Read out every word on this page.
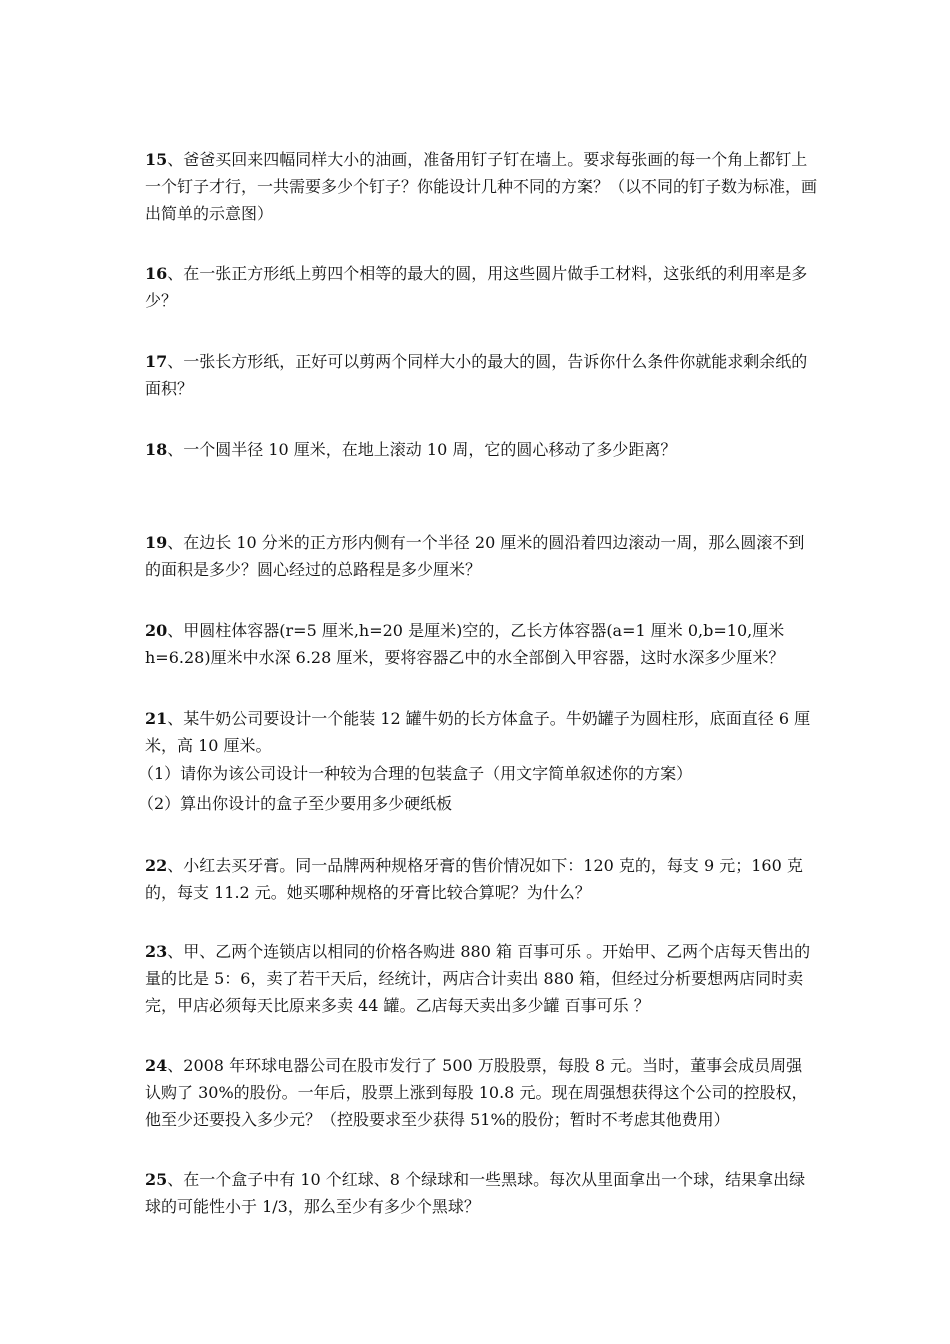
15、爸爸买回来四幅同样大小的油画，准备用钉子钉在墙上。要求每张画的每一个角上都钉上一个钉子才行，一共需要多少个钉子？你能设计几种不同的方案？（以不同的钉子数为标准，画出简单的示意图）

16、在一张正方形纸上剪四个相等的最大的圆，用这些圆片做手工材料，这张纸的利用率是多少？

17、一张长方形纸，正好可以剪两个同样大小的最大的圆，告诉你什么条件你就能求剩余纸的面积？

18、一个圆半径 10 厘米，在地上滚动 10 周，它的圆心移动了多少距离？

19、在边长 10 分米的正方形内侧有一个半径 20 厘米的圆沿着四边滚动一周，那么圆滚不到的面积是多少？圆心经过的总路程是多少厘米？

20、甲圆柱体容器(r=5 厘米,h=20 是厘米)空的，乙长方体容器(a=1 厘米 0,b=10,厘米 h=6.28)厘米中水深 6.28 厘米，要将容器乙中的水全部倒入甲容器，这时水深多少厘米？

21、某牛奶公司要设计一个能装 12 罐牛奶的长方体盒子。牛奶罐子为圆柱形，底面直径 6 厘米，高 10 厘米。

（1）请你为该公司设计一种较为合理的包装盒子（用文字简单叙述你的方案）

（2）算出你设计的盒子至少要用多少硬纸板

22、小红去买牙膏。同一品牌两种规格牙膏的售价情况如下：120 克的，每支 9 元；160 克的，每支 11.2 元。她买哪种规格的牙膏比较合算呢？为什么？

23、甲、乙两个连锁店以相同的价格各购进 880 箱 百事可乐 。开始甲、乙两个店每天售出的量的比是 5：6，卖了若干天后，经统计，两店合计卖出 880 箱，但经过分析要想两店同时卖完，甲店必须每天比原来多卖 44 罐。乙店每天卖出多少罐 百事可乐 ？

24、2008 年环球电器公司在股市发行了 500 万股股票，每股 8 元。当时，董事会成员周强认购了 30%的股份。一年后，股票上涨到每股 10.8 元。现在周强想获得这个公司的控股权，他至少还要投入多少元？（控股要求至少获得 51%的股份；暂时不考虑其他费用）

25、在一个盒子中有 10 个红球、8 个绿球和一些黑球。每次从里面拿出一个球，结果拿出绿球的可能性小于 1/3，那么至少有多少个黑球？
